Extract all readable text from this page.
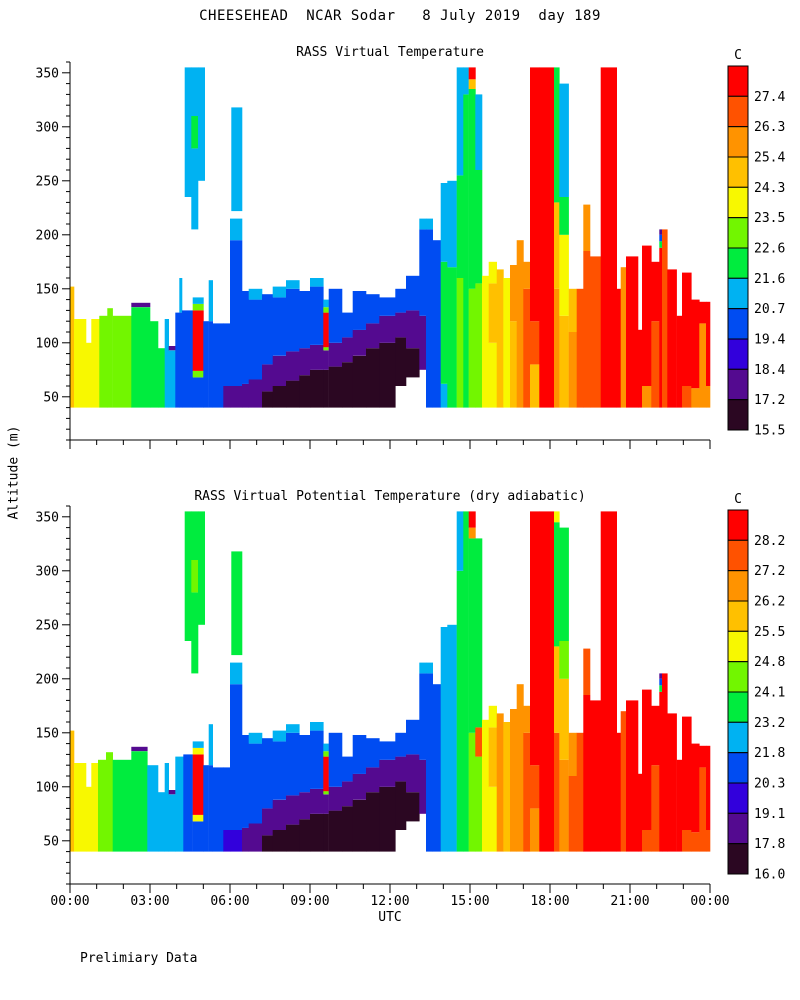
50
100
150
200
250
300
350
27.4
26.3
25.4
24.3
23.5
22.6
21.6
20.7
19.4
18.4
17.2
15.5
C
50
100
150
200
250
300
350
00:00	03:00	06:00	09:00	12:00	15:00	18:00	21:00	00:00
UTC
28.2
27.2
26.2
25.5
24.8
24.1
23.2
21.8
20.3
19.1
17.8
16.0
C
CHEESEHEAD  NCAR Sodar   8 July 2019  day 189
RASS Virtual Temperature
RASS Virtual Potential Temperature (dry adiabatic)
Altitude (m)
Prelimiary Data
